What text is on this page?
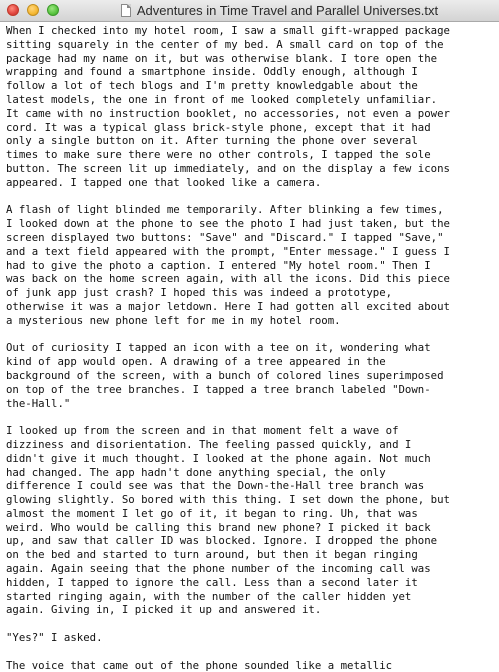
Adventures in Time Travel and Parallel Universes.txt
When I checked into my hotel room, I saw a small gift-wrapped package
sitting squarely in the center of my bed. A small card on top of the
package had my name on it, but was otherwise blank. I tore open the
wrapping and found a smartphone inside. Oddly enough, although I
follow a lot of tech blogs and I'm pretty knowledgable about the
latest models, the one in front of me looked completely unfamiliar.
It came with no instruction booklet, no accessories, not even a power
cord. It was a typical glass brick-style phone, except that it had
only a single button on it. After turning the phone over several
times to make sure there were no other controls, I tapped the sole
button. The screen lit up immediately, and on the display a few icons
appeared. I tapped one that looked like a camera.
A flash of light blinded me temporarily. After blinking a few times,
I looked down at the phone to see the photo I had just taken, but the
screen displayed two buttons: "Save" and "Discard." I tapped "Save,"
and a text field appeared with the prompt, "Enter message." I guess I
had to give the photo a caption. I entered "My hotel room." Then I
was back on the home screen again, with all the icons. Did this piece
of junk app just crash? I hoped this was indeed a prototype,
otherwise it was a major letdown. Here I had gotten all excited about
a mysterious new phone left for me in my hotel room.
Out of curiosity I tapped an icon with a tee on it, wondering what
kind of app would open. A drawing of a tree appeared in the
background of the screen, with a bunch of colored lines superimposed
on top of the tree branches. I tapped a tree branch labeled "Down-
the-Hall."
I looked up from the screen and in that moment felt a wave of
dizziness and disorientation. The feeling passed quickly, and I
didn't give it much thought. I looked at the phone again. Not much
had changed. The app hadn't done anything special, the only
difference I could see was that the Down-the-Hall tree branch was
glowing slightly. So bored with this thing. I set down the phone, but
almost the moment I let go of it, it began to ring. Uh, that was
weird. Who would be calling this brand new phone? I picked it back
up, and saw that caller ID was blocked. Ignore. I dropped the phone
on the bed and started to turn around, but then it began ringing
again. Again seeing that the phone number of the incoming call was
hidden, I tapped to ignore the call. Less than a second later it
started ringing again, with the number of the caller hidden yet
again. Giving in, I picked it up and answered it.
"Yes?" I asked.
The voice that came out of the phone sounded like a metallic
